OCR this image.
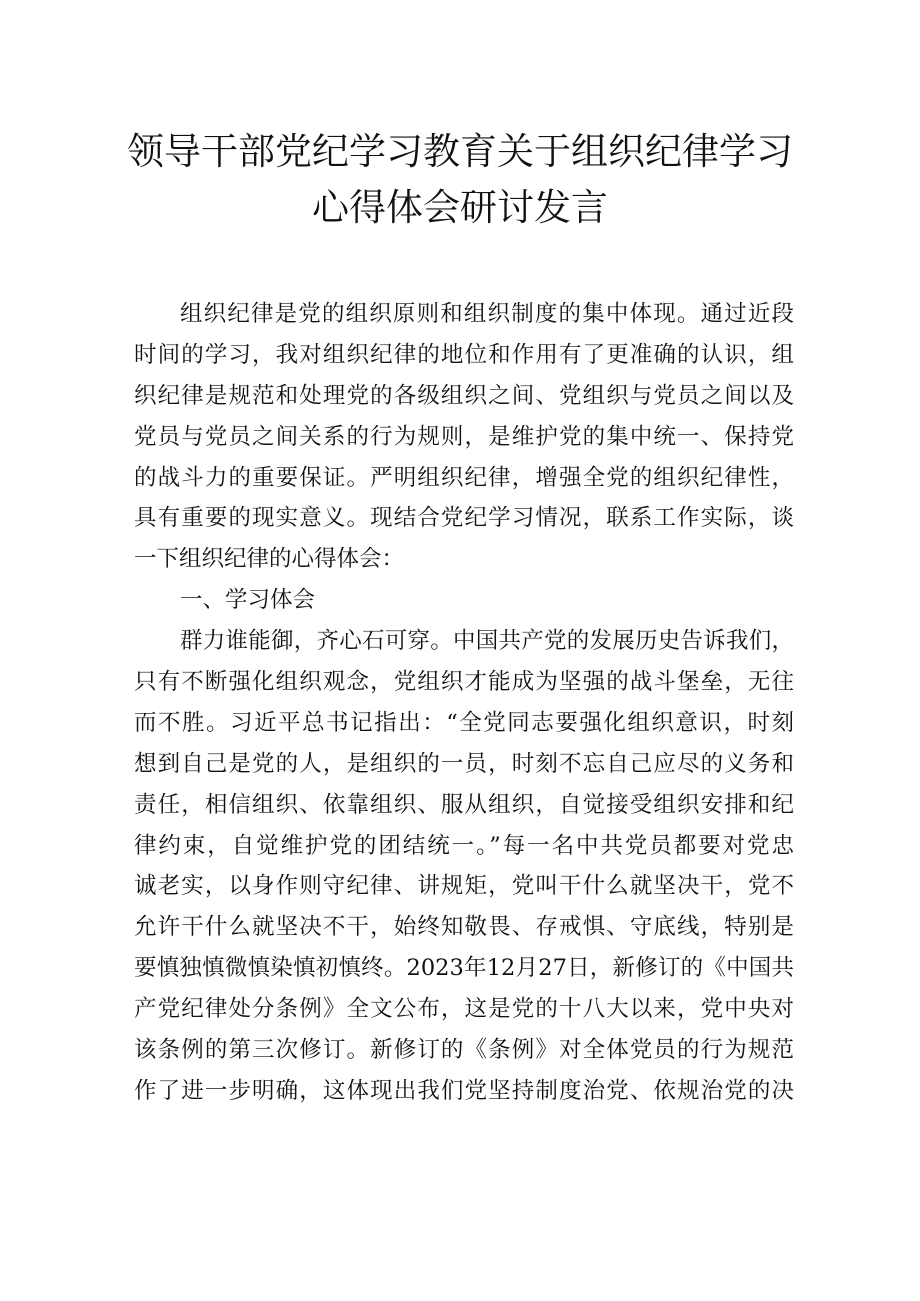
领导干部党纪学习教育关于组织纪律学习
心得体会研讨发言
组织纪律是党的组织原则和组织制度的集中体现。通过近段
时间的学习，我对组织纪律的地位和作用有了更准确的认识，组
织纪律是规范和处理党的各级组织之间、党组织与党员之间以及
党员与党员之间关系的行为规则，是维护党的集中统一、保持党
的战斗力的重要保证。严明组织纪律，增强全党的组织纪律性，
具有重要的现实意义。现结合党纪学习情况，联系工作实际，谈
一下组织纪律的心得体会：
一、学习体会
群力谁能御，齐心石可穿。中国共产党的发展历史告诉我们，
只有不断强化组织观念，党组织才能成为坚强的战斗堡垒，无往
而不胜。习近平总书记指出：“全党同志要强化组织意识，时刻
想到自己是党的人，是组织的一员，时刻不忘自己应尽的义务和
责任，相信组织、依靠组织、服从组织，自觉接受组织安排和纪
律约束，自觉维护党的团结统一。”每一名中共党员都要对党忠
诚老实，以身作则守纪律、讲规矩，党叫干什么就坚决干，党不
允许干什么就坚决不干，始终知敬畏、存戒惧、守底线，特别是
要慎独慎微慎染慎初慎终。2023年12月27日，新修订的《中国共
产党纪律处分条例》全文公布，这是党的十八大以来，党中央对
该条例的第三次修订。新修订的《条例》对全体党员的行为规范
作了进一步明确，这体现出我们党坚持制度治党、依规治党的决
